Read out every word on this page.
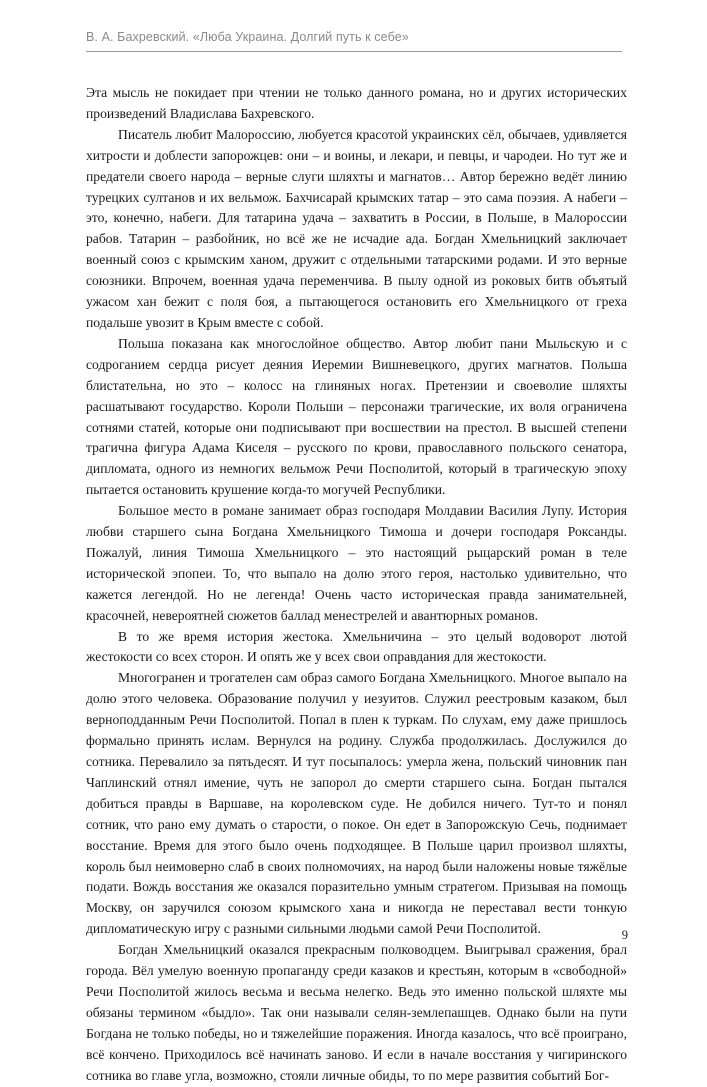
В. А. Бахревский. «Люба Украина. Долгий путь к себе»

Эта мысль не покидает при чтении не только данного романа, но и других исторических произведений Владислава Бахревского.

Писатель любит Малороссию, любуется красотой украинских сёл, обычаев, удивляется хитрости и доблести запорожцев: они – и воины, и лекари, и певцы, и чародеи. Но тут же и предатели своего народа – верные слуги шляхты и магнатов… Автор бережно ведёт линию турецких султанов и их вельмож. Бахчисарай крымских татар – это сама поэзия. А набеги – это, конечно, набеги. Для татарина удача – захватить в России, в Польше, в Малороссии рабов. Татарин – разбойник, но всё же не исчадие ада. Богдан Хмельницкий заключает военный союз с крымским ханом, дружит с отдельными татарскими родами. И это верные союзники. Впрочем, военная удача переменчива. В пылу одной из роковых битв объятый ужасом хан бежит с поля боя, а пытающегося остановить его Хмельницкого от греха подальше увозит в Крым вместе с собой.

Польша показана как многослойное общество. Автор любит пани Мыльскую и с содроганием сердца рисует деяния Иеремии Вишневецкого, других магнатов. Польша блистательна, но это – колосс на глиняных ногах. Претензии и своеволие шляхты расшатывают государство. Короли Польши – персонажи трагические, их воля ограничена сотнями статей, которые они подписывают при восшествии на престол. В высшей степени трагична фигура Адама Киселя – русского по крови, православного польского сенатора, дипломата, одного из немногих вельмож Речи Посполитой, который в трагическую эпоху пытается остановить крушение когда-то могучей Республики.

Большое место в романе занимает образ господаря Молдавии Василия Лупу. История любви старшего сына Богдана Хмельницкого Тимоша и дочери господаря Роксанды. Пожалуй, линия Тимоша Хмельницкого – это настоящий рыцарский роман в теле исторической эпопеи. То, что выпало на долю этого героя, настолько удивительно, что кажется легендой. Но не легенда! Очень часто историческая правда занимательней, красочней, невероятней сюжетов баллад менестрелей и авантюрных романов.

В то же время история жестока. Хмельничина – это целый водоворот лютой жестокости со всех сторон. И опять же у всех свои оправдания для жестокости.

Многогранен и трогателен сам образ самого Богдана Хмельницкого. Многое выпало на долю этого человека. Образование получил у иезуитов. Служил реестровым казаком, был верноподданным Речи Посполитой. Попал в плен к туркам. По слухам, ему даже пришлось формально принять ислам. Вернулся на родину. Служба продолжилась. Дослужился до сотника. Перевалило за пятьдесят. И тут посыпалось: умерла жена, польский чиновник пан Чаплинский отнял имение, чуть не запорол до смерти старшего сына. Богдан пытался добиться правды в Варшаве, на королевском суде. Не добился ничего. Тут-то и понял сотник, что рано ему думать о старости, о покое. Он едет в Запорожскую Сечь, поднимает восстание. Время для этого было очень подходящее. В Польше царил произвол шляхты, король был неимоверно слаб в своих полномочиях, на народ были наложены новые тяжёлые подати. Вождь восстания же оказался поразительно умным стратегом. Призывая на помощь Москву, он заручился союзом крымского хана и никогда не переставал вести тонкую дипломатическую игру с разными сильными людьми самой Речи Посполитой.

Богдан Хмельницкий оказался прекрасным полководцем. Выигрывал сражения, брал города. Вёл умелую военную пропаганду среди казаков и крестьян, которым в «свободной» Речи Посполитой жилось весьма и весьма нелегко. Ведь это именно польской шляхте мы обязаны термином «быдло». Так они называли селян-землепашцев. Однако были на пути Богдана не только победы, но и тяжелейшие поражения. Иногда казалось, что всё проиграно, всё кончено. Приходилось всё начинать заново. И если в начале восстания у чигиринского сотника во главе угла, возможно, стояли личные обиды, то по мере развития событий Бог-

9
